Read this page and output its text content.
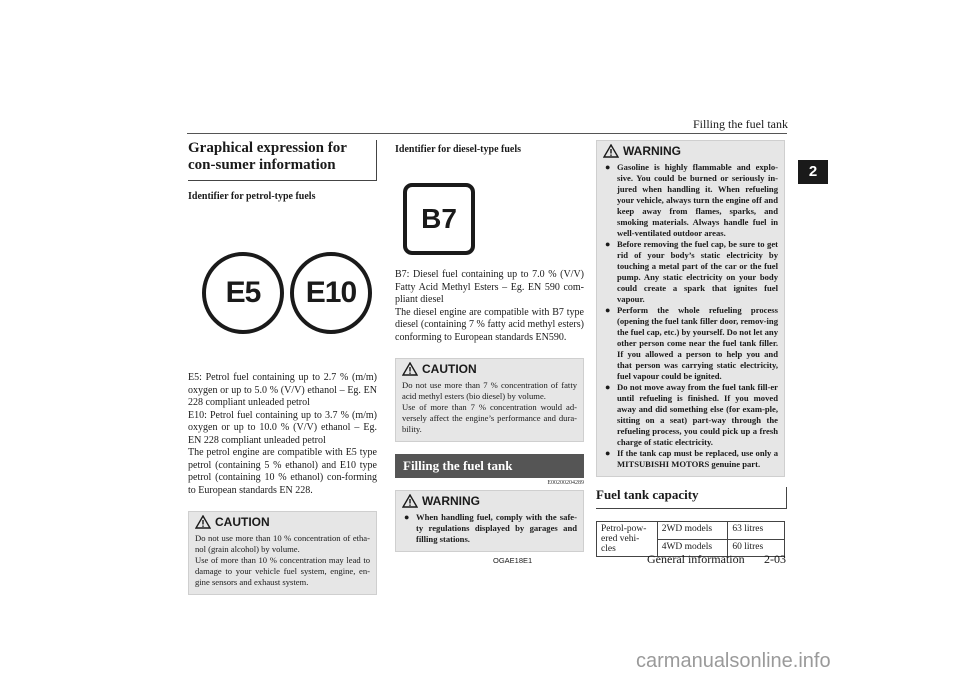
Filling the fuel tank
2
Graphical expression for con-sumer information
Identifier for petrol-type fuels
E5	E10

E5: Petrol fuel containing up to 2.7 % (m/m) oxygen or up to 5.0 % (V/V) ethanol – Eg. EN 228 compliant unleaded petrol

E10: Petrol fuel containing up to 3.7 % (m/m) oxygen or up to 10.0 % (V/V) ethanol – Eg. EN 228 compliant unleaded petrol

The petrol engine are compatible with E5 type petrol (containing 5 % ethanol) and E10 type petrol (containing 10 % ethanol) con-forming to European standards EN 228.

CAUTION

Do not use more than 10 % concentration of etha-nol (grain alcohol) by volume.

Use of more than 10 % concentration may lead to damage to your vehicle fuel system, engine, en-gine sensors and exhaust system.

Identifier for diesel-type fuels
B7

B7: Diesel fuel containing up to 7.0 % (V/V) Fatty Acid Methyl Esters – Eg. EN 590 com-pliant diesel

The diesel engine are compatible with B7 type diesel (containing 7 % fatty acid methyl esters) conforming to European standards EN590.

CAUTION

Do not use more than 7 % concentration of fatty acid methyl esters (bio diesel) by volume.

Use of more than 7 % concentration would ad-versely affect the engine’s performance and dura-bility.

Filling the fuel tank
E00200204289
WARNING
● When handling fuel, comply with the safe-ty regulations displayed by garages and filling stations.
WARNING
● Gasoline is highly flammable and explo-sive. You could be burned or seriously in-jured when handling it. When refueling your vehicle, always turn the engine off and keep away from flames, sparks, and smoking materials. Always handle fuel in well-ventilated outdoor areas.
● Before removing the fuel cap, be sure to get rid of your body’s static electricity by touching a metal part of the car or the fuel pump. Any static electricity on your body could create a spark that ignites fuel vapour.
● Perform the whole refueling process (opening the fuel tank filler door, remov-ing the fuel cap, etc.) by yourself. Do not let any other person come near the fuel tank filler. If you allowed a person to help you and that person was carrying static electricity, fuel vapour could be ignited.
● Do not move away from the fuel tank fill-er until refueling is finished. If you moved away and did something else (for exam-ple, sitting on a seat) part-way through the refueling process, you could pick up a fresh charge of static electricity.
● If the tank cap must be replaced, use only a MITSUBISHI MOTORS genuine part.
Fuel tank capacity
Petrol-pow-ered vehi-cles	2WD models	63 litres
	4WD models	60 litres
OGAE18E1	General information 2-03
carmanualsonline.info
